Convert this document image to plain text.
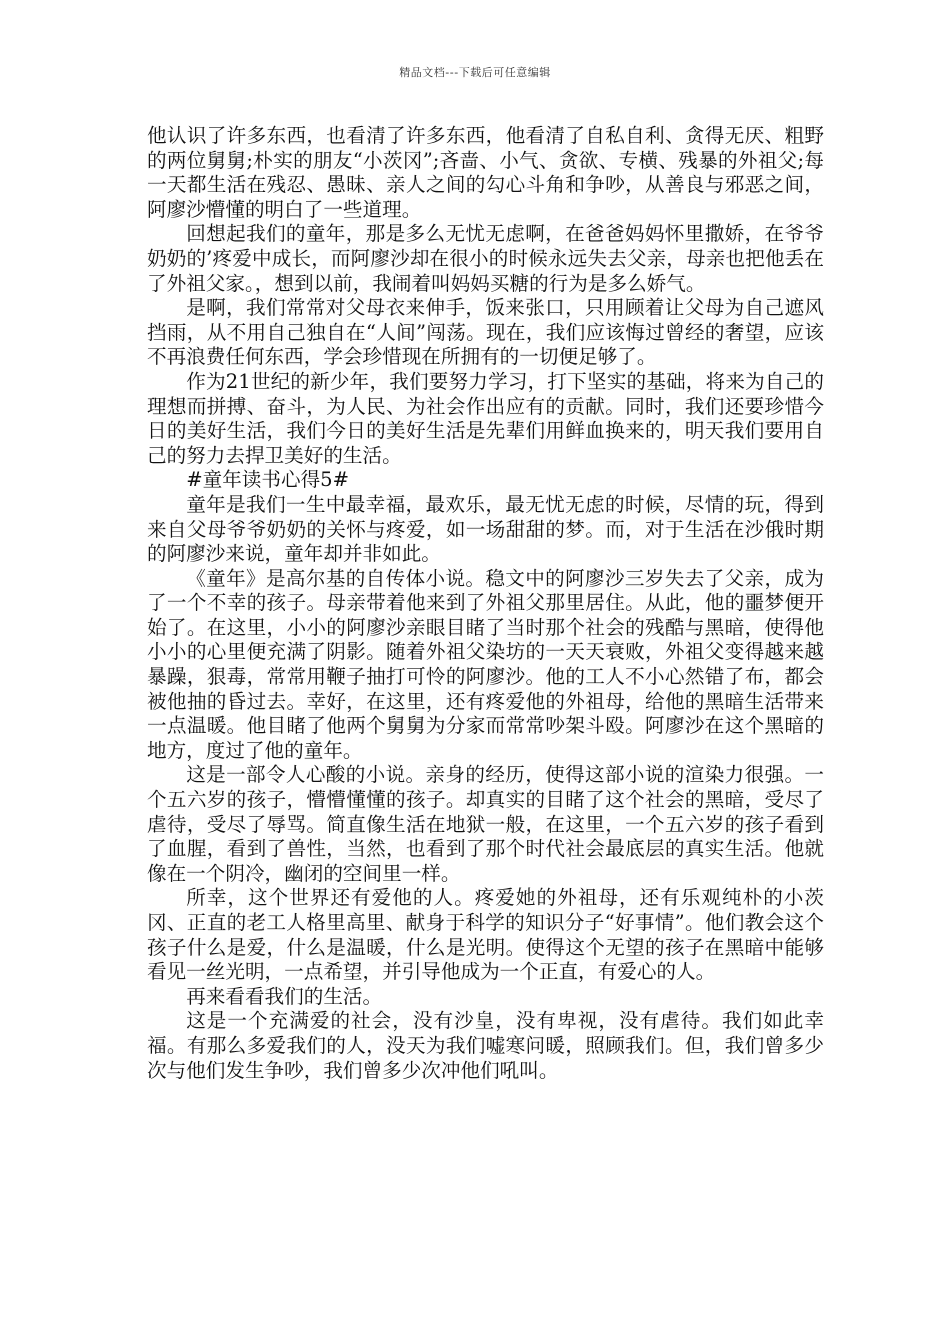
精品文档---下载后可任意编辑

他认识了许多东西，也看清了许多东西，他看清了自私自利、贪得无厌、粗野的两位舅舅;朴实的朋友“小茨冈”;吝啬、小气、贪欲、专横、残暴的外祖父;每一天都生活在残忍、愚昧、亲人之间的勾心斗角和争吵，从善良与邪恶之间，阿廖沙懵懂的明白了一些道理。

回想起我们的童年，那是多么无忧无虑啊，在爸爸妈妈怀里撒娇，在爷爷奶奶的’疼爱中成长，而阿廖沙却在很小的时候永远失去父亲，母亲也把他丢在了外祖父家。，想到以前，我闹着叫妈妈买糖的行为是多么娇气。

是啊，我们常常对父母衣来伸手，饭来张口，只用顾着让父母为自己遮风挡雨，从不用自己独自在“人间”闯荡。现在，我们应该悔过曾经的奢望，应该不再浪费任何东西，学会珍惜现在所拥有的一切便足够了。

作为21世纪的新少年，我们要努力学习，打下坚实的基础，将来为自己的理想而拼搏、奋斗，为人民、为社会作出应有的贡献。同时，我们还要珍惜今日的美好生活，我们今日的美好生活是先辈们用鲜血换来的，明天我们要用自己的努力去捍卫美好的生活。

#童年读书心得5#

童年是我们一生中最幸福，最欢乐，最无忧无虑的时候，尽情的玩，得到来自父母爷爷奶奶的关怀与疼爱，如一场甜甜的梦。而，对于生活在沙俄时期的阿廖沙来说，童年却并非如此。

《童年》是高尔基的自传体小说。稳文中的阿廖沙三岁失去了父亲，成为了一个不幸的孩子。母亲带着他来到了外祖父那里居住。从此，他的噩梦便开始了。在这里，小小的阿廖沙亲眼目睹了当时那个社会的残酷与黑暗，使得他小小的心里便充满了阴影。随着外祖父染坊的一天天衰败，外祖父变得越来越暴躁，狠毒，常常用鞭子抽打可怜的阿廖沙。他的工人不小心然错了布，都会被他抽的昏过去。幸好，在这里，还有疼爱他的外祖母，给他的黑暗生活带来一点温暖。他目睹了他两个舅舅为分家而常常吵架斗殴。阿廖沙在这个黑暗的地方，度过了他的童年。

这是一部令人心酸的小说。亲身的经历，使得这部小说的渲染力很强。一个五六岁的孩子，懵懵懂懂的孩子。却真实的目睹了这个社会的黑暗，受尽了虐待，受尽了辱骂。简直像生活在地狱一般，在这里，一个五六岁的孩子看到了血腥，看到了兽性，当然，也看到了那个时代社会最底层的真实生活。他就像在一个阴冷，幽闭的空间里一样。

所幸，这个世界还有爱他的人。疼爱她的外祖母，还有乐观纯朴的小茨冈、正直的老工人格里高里、献身于科学的知识分子“好事情”。他们教会这个孩子什么是爱，什么是温暖，什么是光明。使得这个无望的孩子在黑暗中能够看见一丝光明，一点希望，并引导他成为一个正直，有爱心的人。

再来看看我们的生活。

这是一个充满爱的社会，没有沙皇，没有卑视，没有虐待。我们如此幸福。有那么多爱我们的人，没天为我们嘘寒问暖，照顾我们。但，我们曾多少次与他们发生争吵，我们曾多少次冲他们吼叫。
